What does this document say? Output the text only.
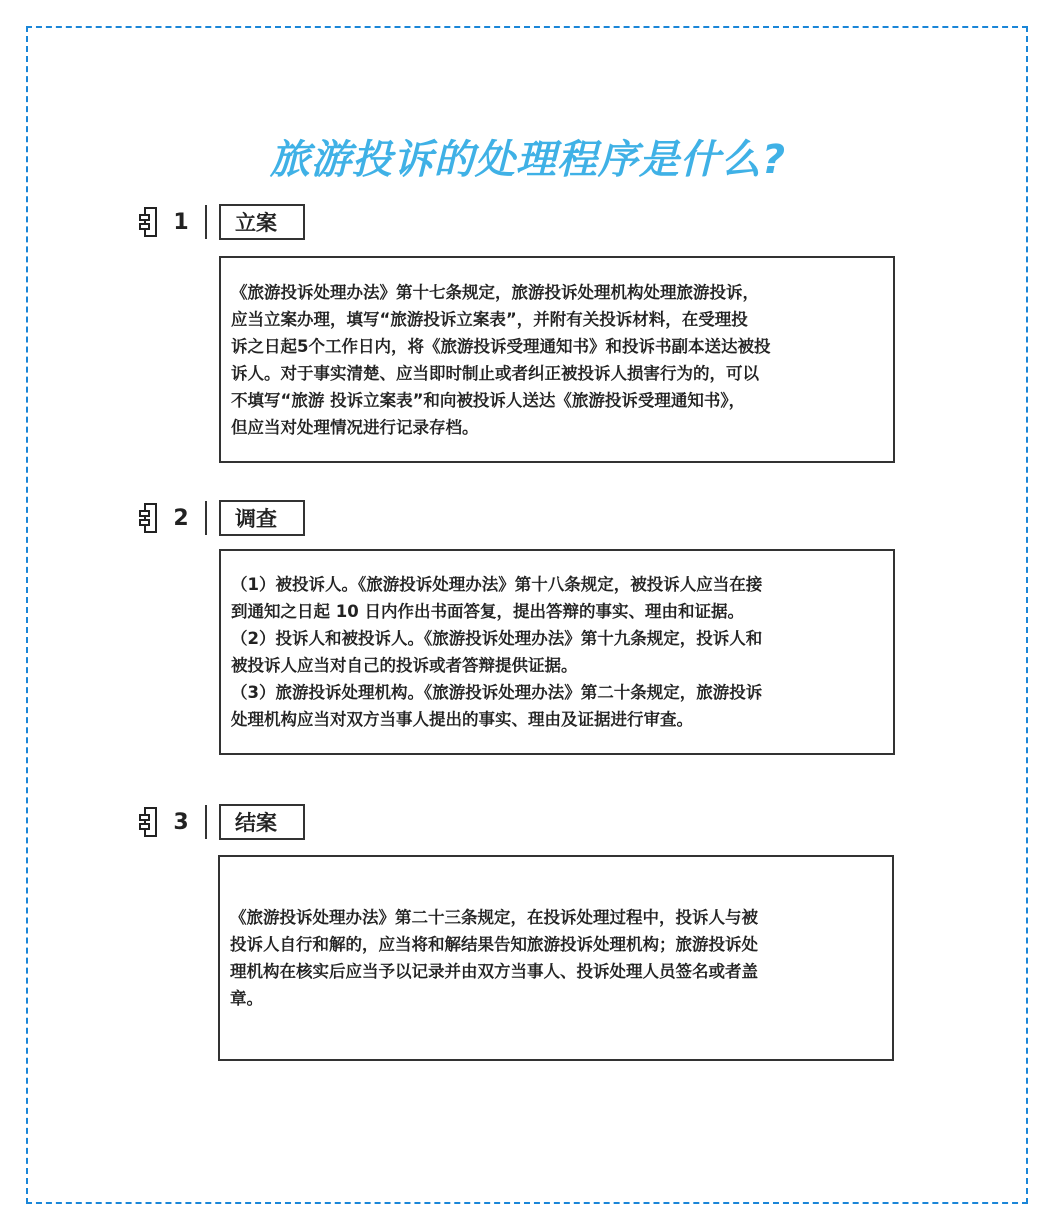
旅游投诉的处理程序是什么?
1	立案

《旅游投诉处理办法》第十七条规定，旅游投诉处理机构处理旅游投诉，
应当立案办理，填写“旅游投诉立案表”，并附有关投诉材料，在受理投
诉之日起5个工作日内，将《旅游投诉受理通知书》和投诉书副本送达被投
诉人。对于事实清楚、应当即时制止或者纠正被投诉人损害行为的，可以
不填写“旅游 投诉立案表”和向被投诉人送达《旅游投诉受理通知书》，
但应当对处理情况进行记录存档。

2	调查

（1）被投诉人。《旅游投诉处理办法》第十八条规定，被投诉人应当在接
到通知之日起 10 日内作出书面答复，提出答辩的事实、理由和证据。
（2）投诉人和被投诉人。《旅游投诉处理办法》第十九条规定，投诉人和
被投诉人应当对自己的投诉或者答辩提供证据。
（3）旅游投诉处理机构。《旅游投诉处理办法》第二十条规定，旅游投诉
处理机构应当对双方当事人提出的事实、理由及证据进行审查。

3	结案

《旅游投诉处理办法》第二十三条规定，在投诉处理过程中，投诉人与被
投诉人自行和解的，应当将和解结果告知旅游投诉处理机构；旅游投诉处
理机构在核实后应当予以记录并由双方当事人、投诉处理人员签名或者盖
章。
